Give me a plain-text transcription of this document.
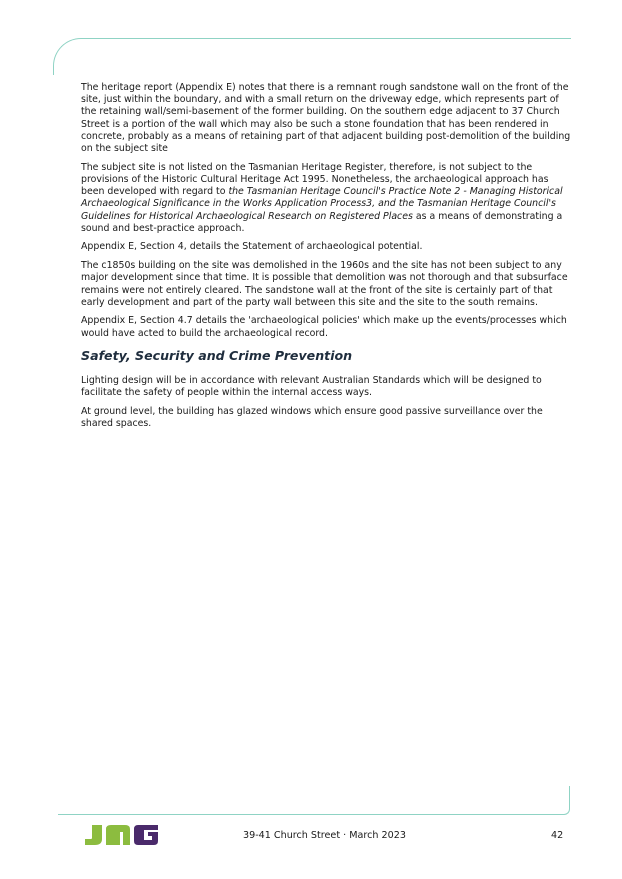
The heritage report (Appendix E) notes that there is a remnant rough sandstone wall on the front of the site, just within the boundary, and with a small return on the driveway edge, which represents part of the retaining wall/semi-basement of the former building. On the southern edge adjacent to 37 Church Street is a portion of the wall which may also be such a stone foundation that has been rendered in concrete, probably as a means of retaining part of that adjacent building post-demolition of the building on the subject site

The subject site is not listed on the Tasmanian Heritage Register, therefore, is not subject to the provisions of the Historic Cultural Heritage Act 1995. Nonetheless, the archaeological approach has been developed with regard to the Tasmanian Heritage Council's Practice Note 2 - Managing Historical Archaeological Significance in the Works Application Process3, and the Tasmanian Heritage Council's Guidelines for Historical Archaeological Research on Registered Places as a means of demonstrating a sound and best-practice approach.

Appendix E, Section 4, details the Statement of archaeological potential.

The c1850s building on the site was demolished in the 1960s and the site has not been subject to any major development since that time. It is possible that demolition was not thorough and that subsurface remains were not entirely cleared. The sandstone wall at the front of the site is certainly part of that early development and part of the party wall between this site and the site to the south remains.

Appendix E, Section 4.7 details the 'archaeological policies' which make up the events/processes which would have acted to build the archaeological record.

Safety, Security and Crime Prevention

Lighting design will be in accordance with relevant Australian Standards which will be designed to facilitate the safety of people within the internal access ways.

At ground level, the building has glazed windows which ensure good passive surveillance over the shared spaces.

39-41 Church Street · March 2023	42
